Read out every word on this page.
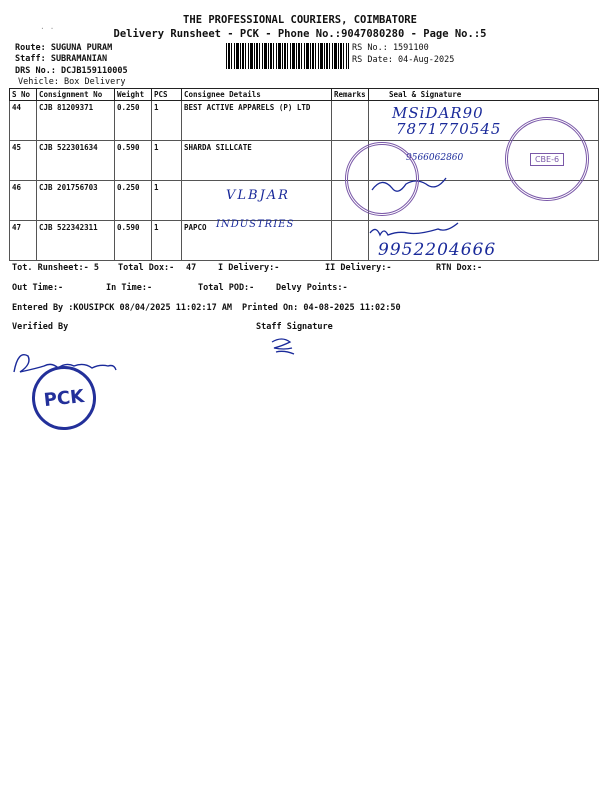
· ·
THE PROFESSIONAL COURIERS, COIMBATORE
Delivery Runsheet - PCK - Phone No.:9047080280 - Page No.:5
Route: SUGUNA PURAM
Staff: SUBRAMANIAN
DRS No.: DCJB159110005
Vehicle: Box Delivery
RS No.: 1591100
RS Date: 04-Aug-2025
S No	Consignment No	Weight	PCS	Consignee Details	Remarks	Seal & Signature
44	CJB 81209371	0.250	1	BEST ACTIVE APPARELS (P) LTD		
45	CJB 522301634	0.590	1	SHARDA SILLCATE		
46	CJB 201756703	0.250	1			
47	CJB 522342311	0.590	1	PAPCO		
MSiDAR90
7871770545
9566062860
VLBJAR
INDUSTRIES
9952204666
CBE-6
Tot. Runsheet:- 5 Total Dox:- 47	I Delivery:-	II Delivery:-	RTN Dox:-
Out Time:-	In Time:-	Total POD:-	Delvy Points:-
Entered By :KOUSIPCK 08/04/2025 11:02:17 AM Printed On: 04-08-2025 11:02:50
Verified By	Staff Signature
PCK
